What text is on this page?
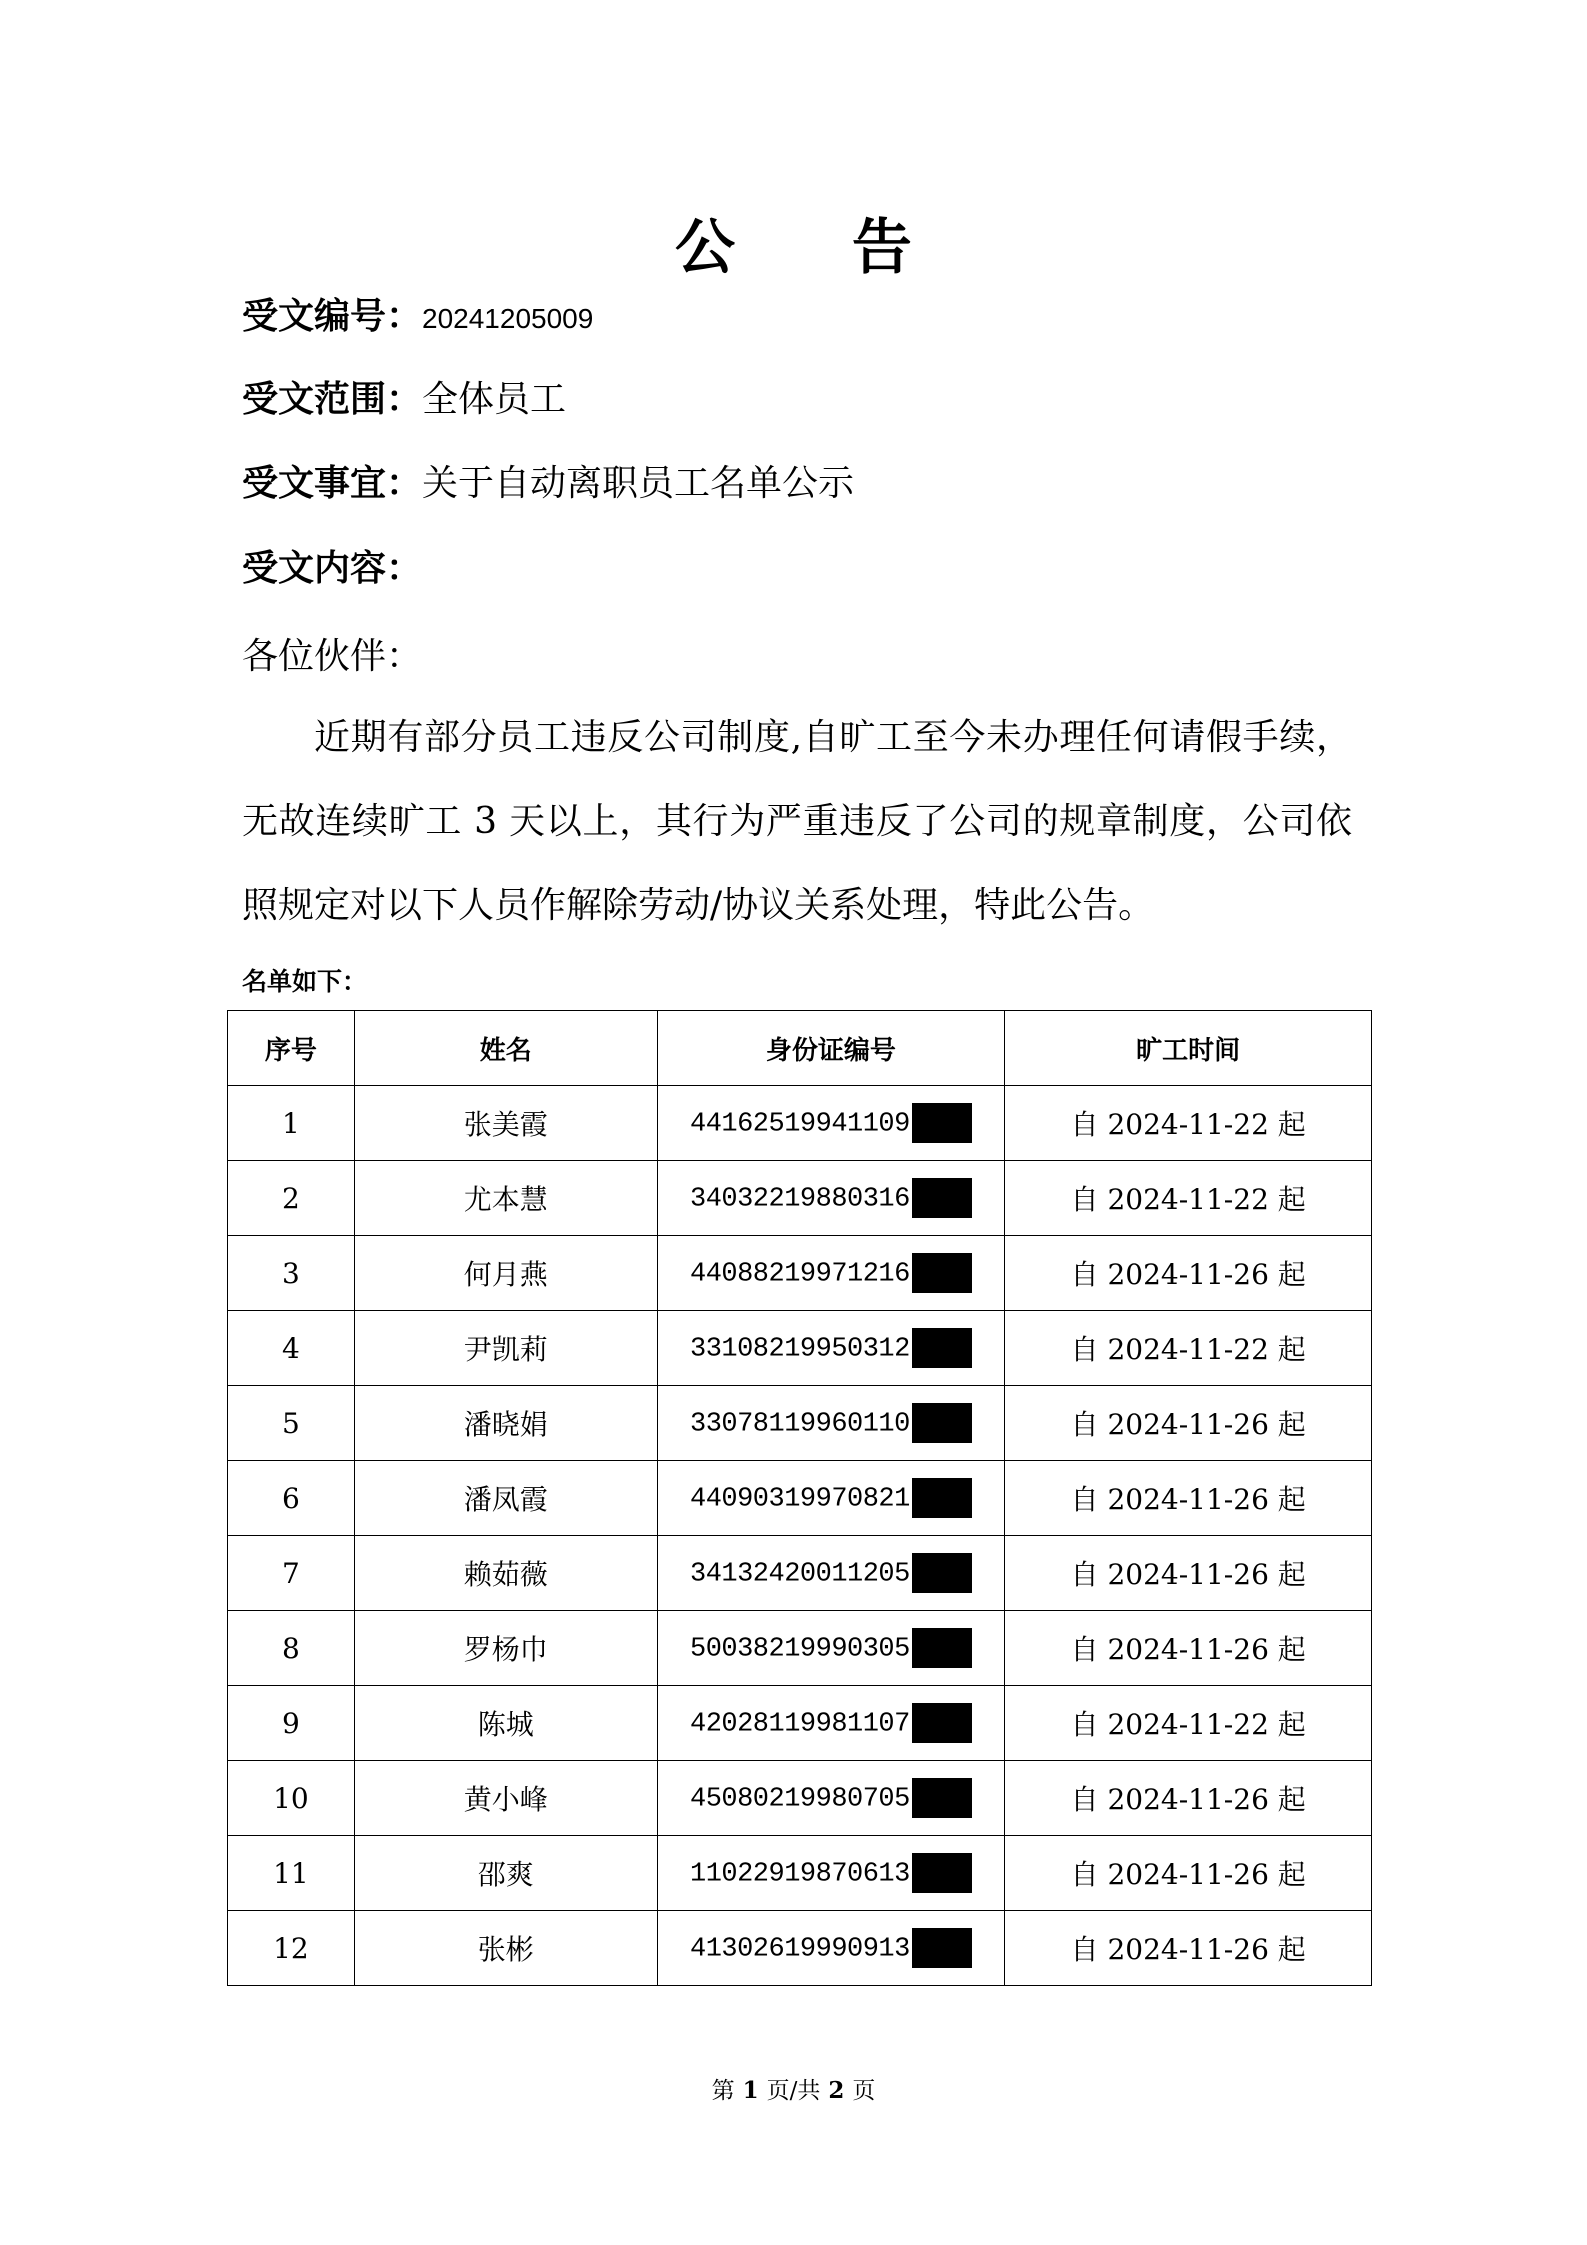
公 告
受文编号：20241205009
受文范围：全体员工
受文事宜：关于自动离职员工名单公示
受文内容：
各位伙伴：
近期有部分员工违反公司制度,自旷工至今未办理任何请假手续，无故连续旷工 3 天以上，其行为严重违反了公司的规章制度，公司依照规定对以下人员作解除劳动/协议关系处理，特此公告。
名单如下：
序号	姓名	身份证编号	旷工时间
1	张美霞	44162519941109	自 2024-11-22 起
2	尤本慧	34032219880316	自 2024-11-22 起
3	何月燕	44088219971216	自 2024-11-26 起
4	尹凯莉	33108219950312	自 2024-11-22 起
5	潘晓娟	33078119960110	自 2024-11-26 起
6	潘凤霞	44090319970821	自 2024-11-26 起
7	赖茹薇	34132420011205	自 2024-11-26 起
8	罗杨巾	50038219990305	自 2024-11-26 起
9	陈城	42028119981107	自 2024-11-22 起
10	黄小峰	45080219980705	自 2024-11-26 起
11	邵爽	11022919870613	自 2024-11-26 起
12	张彬	41302619990913	自 2024-11-26 起
第 1 页/共 2 页
